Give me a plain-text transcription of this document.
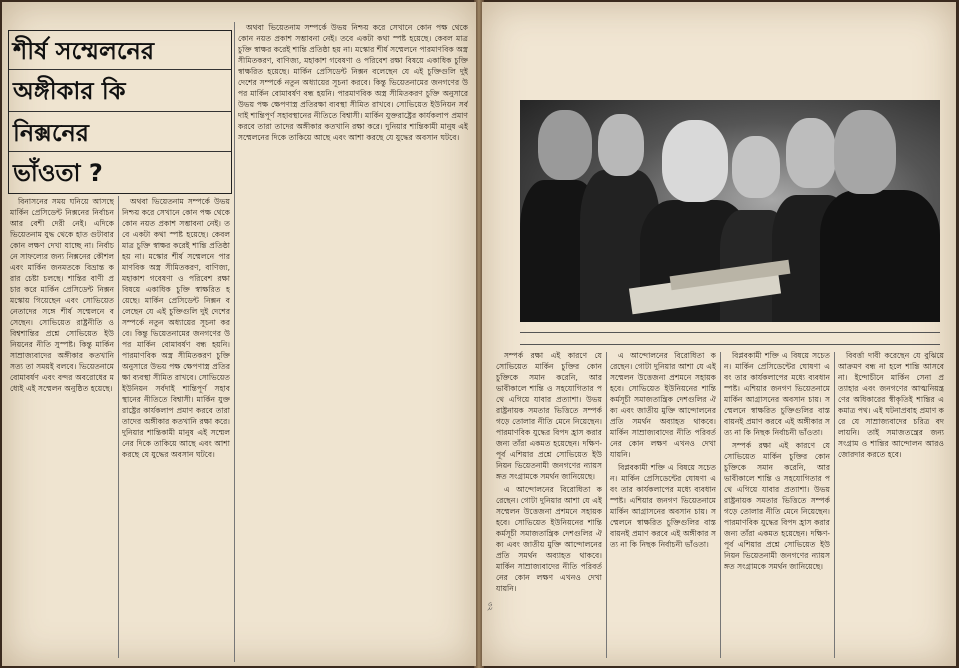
শীর্ষ সম্মেলনের
অঙ্গীকার কি
নিক্সনের
ভাঁওতা ?

বিনাসনের সময় ঘনিয়ে আসছে মার্কিন প্রেসিডেন্ট নিক্সনের নির্বাচন আর বেশী দেরী নেই। এদিকে ভিয়েতনাম যুদ্ধ থেকে হাত গুটাবার কোন লক্ষণ দেখা যাচ্ছে না। নির্বাচনে সাফল্যের জন্য নিক্সনের কৌশল এবং মার্কিন জনমতকে বিভ্রান্ত করার চেষ্টা চলছে। শান্তির বাণী প্রচার করে মার্কিন প্রেসিডেন্ট নিক্সন মস্কোয় গিয়েছেন এবং সোভিয়েত নেতাদের সঙ্গে শীর্ষ সম্মেলনে বসেছেন। সোভিয়েত রাষ্ট্রনীতি ও বিশ্বশান্তির প্রশ্নে সোভিয়েত ইউনিয়নের নীতি সুস্পষ্ট। কিন্তু মার্কিন সাম্রাজ্যবাদের অঙ্গীকার কতখানি সত্য তা সময়ই বলবে। ভিয়েতনামে বোমাবর্ষণ এবং বন্দর অবরোধের মধ্যেই এই সম্মেলন অনুষ্ঠিত হয়েছে।

অথবা ভিয়েতনাম সম্পর্কে উভয় নিশ্চয় করে সেখানে কোন পক্ষ থেকে কোন নয়ত প্রকাশ সম্ভাবনা নেই। তবে একটা কথা স্পষ্ট হয়েছে। কেবল মাত্র চুক্তি স্বাক্ষর করেই শান্তি প্রতিষ্ঠা হয় না। মস্কোর শীর্ষ সম্মেলনে পারমাণবিক অস্ত্র সীমিতকরণ, বাণিজ্য, মহাকাশ গবেষণা ও পরিবেশ রক্ষা বিষয়ে একাধিক চুক্তি স্বাক্ষরিত হয়েছে। মার্কিন প্রেসিডেন্ট নিক্সন বলেছেন যে এই চুক্তিগুলি দুই দেশের সম্পর্কে নতুন অধ্যায়ের সূচনা করবে। কিন্তু ভিয়েতনামের জনগণের উপর মার্কিন বোমাবর্ষণ বন্ধ হয়নি। পারমাণবিক অস্ত্র সীমিতকরণ চুক্তি অনুসারে উভয় পক্ষ ক্ষেপণাস্ত্র প্রতিরক্ষা ব্যবস্থা সীমিত রাখবে। সোভিয়েত ইউনিয়ন সর্বদাই শান্তিপূর্ণ সহাবস্থানের নীতিতে বিশ্বাসী। মার্কিন যুক্তরাষ্ট্রের কার্যকলাপ প্রমাণ করবে তারা তাদের অঙ্গীকার কতখানি রক্ষা করে। দুনিয়ার শান্তিকামী মানুষ এই সম্মেলনের দিকে তাকিয়ে আছে এবং আশা করছে যে যুদ্ধের অবসান ঘটবে।

অথবা ভিয়েতনাম সম্পর্কে উভয় নিশ্চয় করে সেখানে কোন পক্ষ থেকে কোন নয়ত প্রকাশ সম্ভাবনা নেই। তবে একটা কথা স্পষ্ট হয়েছে। কেবল মাত্র চুক্তি স্বাক্ষর করেই শান্তি প্রতিষ্ঠা হয় না। মস্কোর শীর্ষ সম্মেলনে পারমাণবিক অস্ত্র সীমিতকরণ, বাণিজ্য, মহাকাশ গবেষণা ও পরিবেশ রক্ষা বিষয়ে একাধিক চুক্তি স্বাক্ষরিত হয়েছে। মার্কিন প্রেসিডেন্ট নিক্সন বলেছেন যে এই চুক্তিগুলি দুই দেশের সম্পর্কে নতুন অধ্যায়ের সূচনা করবে। কিন্তু ভিয়েতনামের জনগণের উপর মার্কিন বোমাবর্ষণ বন্ধ হয়নি। পারমাণবিক অস্ত্র সীমিতকরণ চুক্তি অনুসারে উভয় পক্ষ ক্ষেপণাস্ত্র প্রতিরক্ষা ব্যবস্থা সীমিত রাখবে। সোভিয়েত ইউনিয়ন সর্বদাই শান্তিপূর্ণ সহাবস্থানের নীতিতে বিশ্বাসী। মার্কিন যুক্তরাষ্ট্রের কার্যকলাপ প্রমাণ করবে তারা তাদের অঙ্গীকার কতখানি রক্ষা করে। দুনিয়ার শান্তিকামী মানুষ এই সম্মেলনের দিকে তাকিয়ে আছে এবং আশা করছে যে যুদ্ধের অবসান ঘটবে।

সম্পর্ক রক্ষা এই কারণে যে সোভিয়েত মার্কিন চুক্তির কোন চুক্তিকে সমান করেনি, আর ভাবীকালে শান্তি ও সহযোগিতার পথে এগিয়ে যাবার প্রত্যাশা। উভয় রাষ্ট্রনায়ক সমতার ভিত্তিতে সম্পর্ক গড়ে তোলার নীতি মেনে নিয়েছেন। পারমাণবিক যুদ্ধের বিপদ হ্রাস করার জন্য তাঁরা একমত হয়েছেন। দক্ষিণ-পূর্ব এশিয়ার প্রশ্নে সোভিয়েত ইউনিয়ন ভিয়েতনামী জনগণের ন্যায়সঙ্গত সংগ্রামকে সমর্থন জানিয়েছে।

এ আন্দোলনের বিরোধিতা করেছেন। গোটা দুনিয়ার আশা যে এই সম্মেলন উত্তেজনা প্রশমনে সহায়ক হবে। সোভিয়েত ইউনিয়নের শান্তি কর্মসূচী সমাজতান্ত্রিক দেশগুলির ঐক্য এবং জাতীয় মুক্তি আন্দোলনের প্রতি সমর্থন অব্যাহত থাকবে। মার্কিন সাম্রাজ্যবাদের নীতি পরিবর্তনের কোন লক্ষণ এখনও দেখা যায়নি।

এ আন্দোলনের বিরোধিতা করেছেন। গোটা দুনিয়ার আশা যে এই সম্মেলন উত্তেজনা প্রশমনে সহায়ক হবে। সোভিয়েত ইউনিয়নের শান্তি কর্মসূচী সমাজতান্ত্রিক দেশগুলির ঐক্য এবং জাতীয় মুক্তি আন্দোলনের প্রতি সমর্থন অব্যাহত থাকবে। মার্কিন সাম্রাজ্যবাদের নীতি পরিবর্তনের কোন লক্ষণ এখনও দেখা যায়নি।

বিপ্লবকামী শক্তি এ বিষয়ে সচেতন। মার্কিন প্রেসিডেন্টের ঘোষণা এবং তার কার্যকলাপের মধ্যে ব্যবধান স্পষ্ট। এশিয়ার জনগণ ভিয়েতনামে মার্কিন আগ্রাসনের অবসান চায়। সম্মেলনে স্বাক্ষরিত চুক্তিগুলির বাস্তবায়নই প্রমাণ করবে এই অঙ্গীকার সত্য না কি নিছক নির্বাচনী ভাঁওতা।

বিপ্লবকামী শক্তি এ বিষয়ে সচেতন। মার্কিন প্রেসিডেন্টের ঘোষণা এবং তার কার্যকলাপের মধ্যে ব্যবধান স্পষ্ট। এশিয়ার জনগণ ভিয়েতনামে মার্কিন আগ্রাসনের অবসান চায়। সম্মেলনে স্বাক্ষরিত চুক্তিগুলির বাস্তবায়নই প্রমাণ করবে এই অঙ্গীকার সত্য না কি নিছক নির্বাচনী ভাঁওতা।

সম্পর্ক রক্ষা এই কারণে যে সোভিয়েত মার্কিন চুক্তির কোন চুক্তিকে সমান করেনি, আর ভাবীকালে শান্তি ও সহযোগিতার পথে এগিয়ে যাবার প্রত্যাশা। উভয় রাষ্ট্রনায়ক সমতার ভিত্তিতে সম্পর্ক গড়ে তোলার নীতি মেনে নিয়েছেন। পারমাণবিক যুদ্ধের বিপদ হ্রাস করার জন্য তাঁরা একমত হয়েছেন। দক্ষিণ-পূর্ব এশিয়ার প্রশ্নে সোভিয়েত ইউনিয়ন ভিয়েতনামী জনগণের ন্যায়সঙ্গত সংগ্রামকে সমর্থন জানিয়েছে।

বিবর্ত্তা দাবী করেছেন যে বুঝিয়ে আক্রমণ বন্ধ না হলে শান্তি আসবে না। ইন্দোচীনে মার্কিন সেনা প্রত্যাহার এবং জনগণের আত্মনিয়ন্ত্রণের অধিকারের স্বীকৃতিই শান্তির একমাত্র পথ। এই ঘটনাপ্রবাহ প্রমাণ করে যে সাম্রাজ্যবাদের চরিত্র বদলায়নি। তাই সমাজতন্ত্রের জন্য সংগ্রাম ও শান্তির আন্দোলন আরও জোরদার করতে হবে।

৩২
